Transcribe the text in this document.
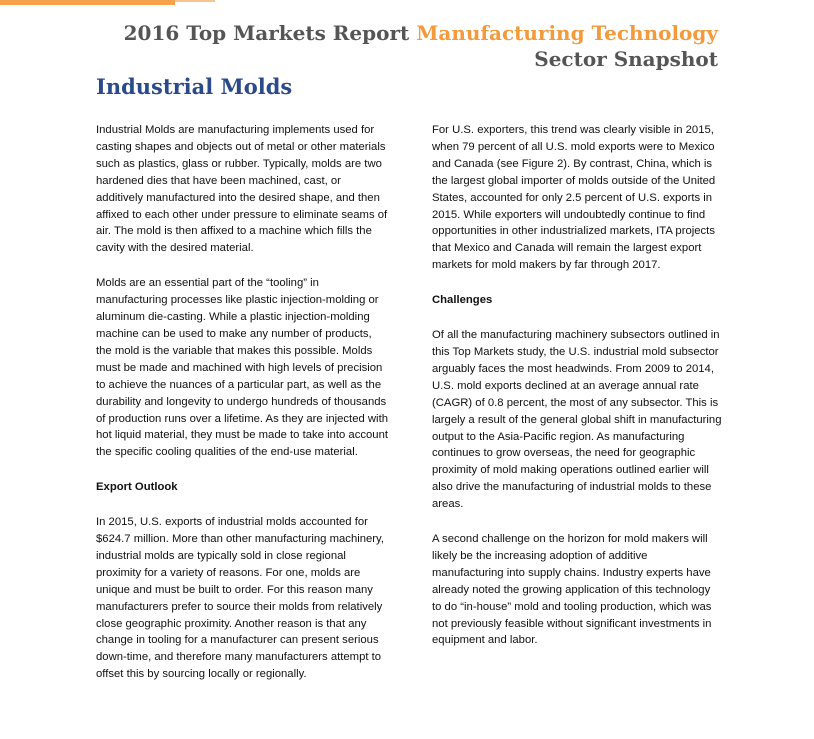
2016 Top Markets Report Manufacturing Technology
Sector Snapshot
Industrial Molds

Industrial Molds are manufacturing implements used for casting shapes and objects out of metal or other materials such as plastics, glass or rubber. Typically, molds are two hardened dies that have been machined, cast, or additively manufactured into the desired shape, and then affixed to each other under pressure to eliminate seams of air. The mold is then affixed to a machine which fills the cavity with the desired material.

Molds are an essential part of the “tooling” in manufacturing processes like plastic injection-molding or aluminum die-casting. While a plastic injection-molding machine can be used to make any number of products, the mold is the variable that makes this possible. Molds must be made and machined with high levels of precision to achieve the nuances of a particular part, as well as the durability and longevity to undergo hundreds of thousands of production runs over a lifetime. As they are injected with hot liquid material, they must be made to take into account the specific cooling qualities of the end-use material.

Export Outlook

In 2015, U.S. exports of industrial molds accounted for $624.7 million. More than other manufacturing machinery, industrial molds are typically sold in close regional proximity for a variety of reasons. For one, molds are unique and must be built to order. For this reason many manufacturers prefer to source their molds from relatively close geographic proximity. Another reason is that any change in tooling for a manufacturer can present serious down-time, and therefore many manufacturers attempt to offset this by sourcing locally or regionally.

For U.S. exporters, this trend was clearly visible in 2015, when 79 percent of all U.S. mold exports were to Mexico and Canada (see Figure 2). By contrast, China, which is the largest global importer of molds outside of the United States, accounted for only 2.5 percent of U.S. exports in 2015. While exporters will undoubtedly continue to find opportunities in other industrialized markets, ITA projects that Mexico and Canada will remain the largest export markets for mold makers by far through 2017.

Challenges

Of all the manufacturing machinery subsectors outlined in this Top Markets study, the U.S. industrial mold subsector arguably faces the most headwinds. From 2009 to 2014, U.S. mold exports declined at an average annual rate (CAGR) of 0.8 percent, the most of any subsector. This is largely a result of the general global shift in manufacturing output to the Asia-Pacific region. As manufacturing continues to grow overseas, the need for geographic proximity of mold making operations outlined earlier will also drive the manufacturing of industrial molds to these areas.

A second challenge on the horizon for mold makers will likely be the increasing adoption of additive manufacturing into supply chains. Industry experts have already noted the growing application of this technology to do “in-house” mold and tooling production, which was not previously feasible without significant investments in equipment and labor.
